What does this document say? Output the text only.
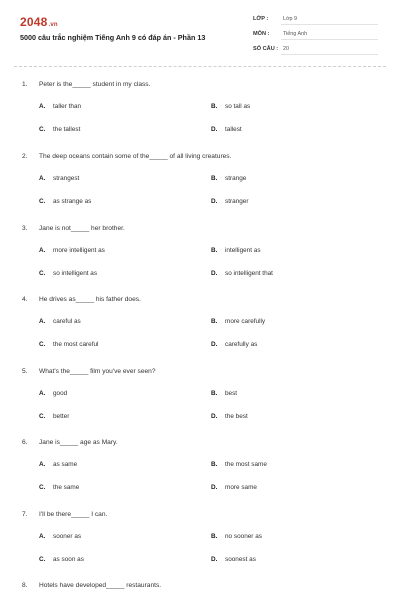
2048.vn
5000 câu trắc nghiệm Tiếng Anh 9 có đáp án - Phần 13
LỚP :	Lớp 9
MÔN :	Tiếng Anh
SỐ CÂU : 20
1. Peter is the_____ student in my class.
A. taller than	B. so tall as
C. the tallest	D. tallest
2. The deep oceans contain some of the_____ of all living creatures.
A. strangest	B. strange
C. as strange as	D. stranger
3. Jane is not_____ her brother.
A. more intelligent as	B. intelligent as
C. so intelligent as	D. so intelligent that
4. He drives as_____ his father does.
A. careful as	B. more carefully
C. the most careful	D. carefully as
5. What's the_____ film you've ever seen?
A. good	B. best
C. better	D. the best
6. Jane is_____ age as Mary.
A. as same	B. the most same
C. the same	D. more same
7. I'll be there_____ I can.
A. sooner as	B. no sooner as
C. as soon as	D. soonest as
8. Hotels have developed_____ restaurants.
